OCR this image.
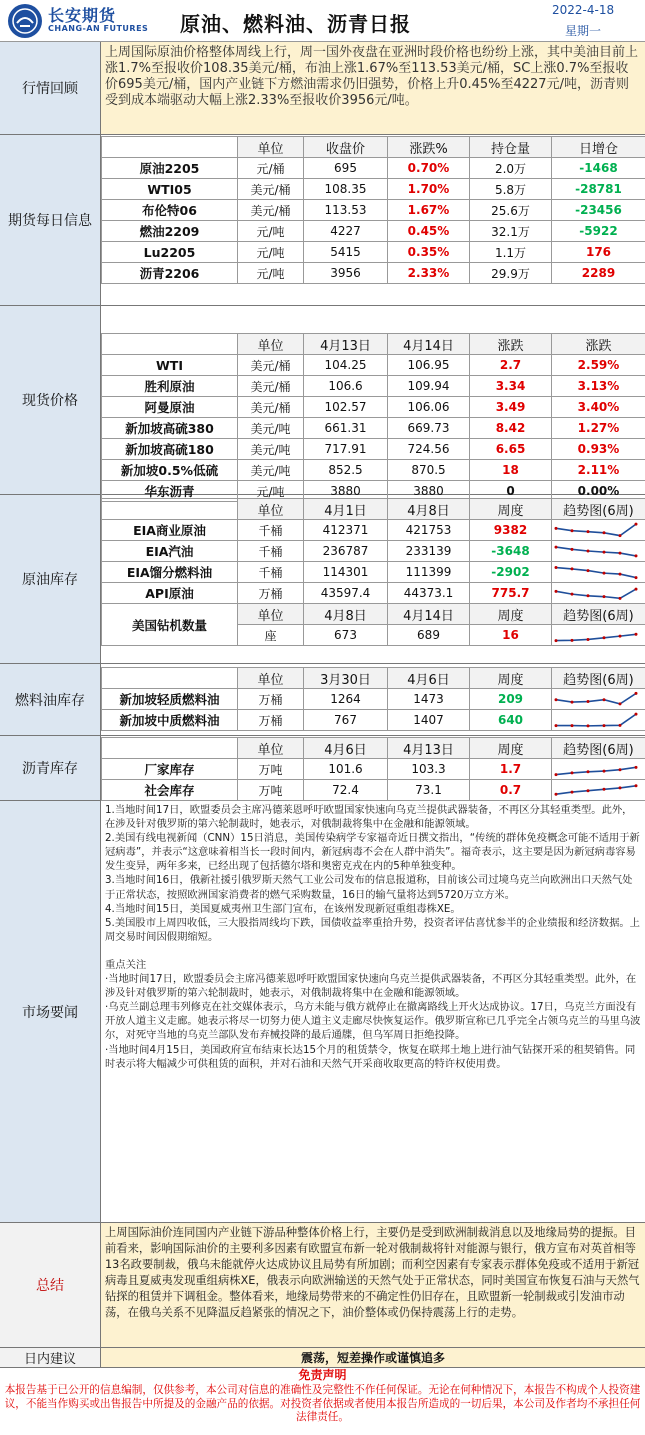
长安期货
CHANG-AN FUTURES 原油、燃料油、沥青日报
2022-4-18
星期一
行情回顾
上周国际原油价格整体周线上行，周一国外夜盘在亚洲时段价格也纷纷上涨，其中美油目前上涨1.7%至报收价108.35美元/桶，布油上涨1.67%至113.53美元/桶，SC上涨0.7%至报收价695美元/桶，国内产业链下方燃油需求仍旧强势，价格上升0.45%至4227元/吨，沥青则受到成本端驱动大幅上涨2.33%至报收价3956元/吨。
期货每日信息
	单位	收盘价	涨跌%	持仓量	日增仓
原油2205	元/桶	695	0.70%	2.0万	-1468
WTI05	美元/桶	108.35	1.70%	5.8万	-28781
布伦特06	美元/桶	113.53	1.67%	25.6万	-23456
燃油2209	元/吨	4227	0.45%	32.1万	-5922
Lu2205	元/吨	5415	0.35%	1.1万	176
沥青2206	元/吨	3956	2.33%	29.9万	2289
现货价格
	单位	4月13日	4月14日	涨跌	涨跌
WTI	美元/桶	104.25	106.95	2.7	2.59%
胜利原油	美元/桶	106.6	109.94	3.34	3.13%
阿曼原油	美元/桶	102.57	106.06	3.49	3.40%
新加坡高硫380	美元/吨	661.31	669.73	8.42	1.27%
新加坡高硫180	美元/吨	717.91	724.56	6.65	0.93%
新加坡0.5%低硫	美元/吨	852.5	870.5	18	2.11%
华东沥青	元/吨	3880	3880	0	0.00%
原油库存
	单位	4月1日	4月8日	周度	趋势图(6周)
EIA商业原油	千桶	412371	421753	9382	

EIA汽油	千桶	236787	233139	-3648	

EIA馏分燃料油	千桶	114301	111399	-2902	

API原油	万桶	43597.4	44373.1	775.7	

美国钻机数量	单位	4月8日	4月14日	周度	趋势图(6周)
	座	673	689	16	
燃料油库存
	单位	3月30日	4月6日	周度	趋势图(6周)
新加坡轻质燃料油	万桶	1264	1473	209	

新加坡中质燃料油	万桶	767	1407	640	
沥青库存
	单位	4月6日	4月13日	周度	趋势图(6周)
厂家库存	万吨	101.6	103.3	1.7	

社会库存	万吨	72.4	73.1	0.7	
市场要闻
1.当地时间17日，欧盟委员会主席冯德莱恩呼吁欧盟国家快速向乌克兰提供武器装备，不再区分其轻重类型。此外，在涉及针对俄罗斯的第六轮制裁时，她表示，对俄制裁将集中在金融和能源领域。
2.美国有线电视新闻（CNN）15日消息，美国传染病学专家福奇近日撰文指出，“传统的群体免疫概念可能不适用于新冠病毒”，并表示“这意味着相当长一段时间内，新冠病毒不会在人群中消失”。福奇表示，这主要是因为新冠病毒容易发生变异，两年多来，已经出现了包括德尔塔和奥密克戎在内的5种单独变种。
3.当地时间16日，俄新社援引俄罗斯天然气工业公司发布的信息报道称，目前该公司过境乌克兰向欧洲出口天然气处于正常状态，按照欧洲国家消费者的燃气采购数量，16日的输气量将达到5720万立方米。
4.当地时间15日，美国夏威夷州卫生部门宣布，在该州发现新冠重组毒株XE。
5.美国股市上周四收低，三大股指周线均下跌，国债收益率重拾升势，投资者评估喜忧参半的企业绩报和经济数据。上周交易时间因假期缩短。
重点关注
·当地时间17日，欧盟委员会主席冯德莱恩呼吁欧盟国家快速向乌克兰提供武器装备，不再区分其轻重类型。此外，在涉及针对俄罗斯的第六轮制裁时，她表示，对俄制裁将集中在金融和能源领域。
·乌克兰副总理韦列修克在社交媒体表示，乌方未能与俄方就停止在撤离路线上开火达成协议。17日，乌克兰方面没有开放人道主义走廊。她表示将尽一切努力使人道主义走廊尽快恢复运作。俄罗斯宣称已几乎完全占领乌克兰的马里乌波尔，对死守当地的乌克兰部队发布弃械投降的最后通牒，但乌军周日拒绝投降。
·当地时间4月15日，美国政府宣布结束长达15个月的租赁禁令，恢复在联邦土地上进行油气钻探开采的租契销售。同时表示将大幅减少可供租赁的面积，并对石油和天然气开采商收取更高的特许权使用费。
总结
上周国际油价连同国内产业链下游品种整体价格上行，主要仍是受到欧洲制裁消息以及地缘局势的提振。目前看来，影响国际油价的主要利多因素有欧盟宣布新一轮对俄制裁将针对能源与银行，俄方宣布对英首相等13名政要制裁，俄乌未能就停火达成协议且局势有所加剧；而利空因素有专家表示群体免疫或不适用于新冠病毒且夏威夷发现重组病株XE，俄表示向欧洲输送的天然气处于正常状态，同时美国宣布恢复石油与天然气钻探的租赁并下调租金。整体看来，地缘局势带来的不确定性仍旧存在，且欧盟新一轮制裁或引发油市动荡，在俄乌关系不见降温反趋紧张的情况之下，油价整体或仍保持震荡上行的走势。
日内建议	震荡，短差操作或谨慎追多
免责声明
本报告基于已公开的信息编制，仅供参考，本公司对信息的准确性及完整性不作任何保证。无论在何种情况下，本报告不构成个人投资建议，不能当作购买或出售报告中所提及的金融产品的依据。对投资者依据或者使用本报告所造成的一切后果，本公司及作者均不承担任何法律责任。
